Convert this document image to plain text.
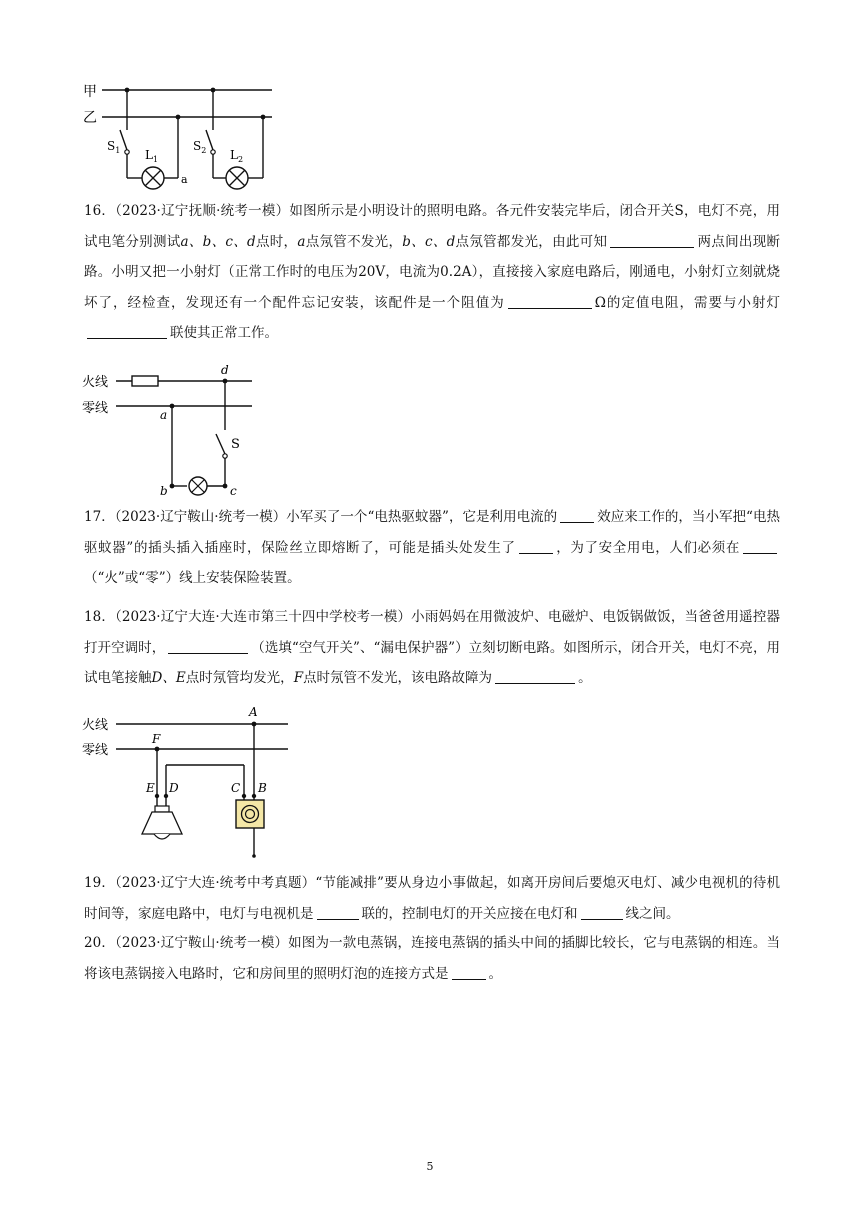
甲
乙
$S_1$ $L_1$
a
$S_2$ $L_2$

16．（2023·辽宁抚顺·统考一模）如图所示是小明设计的照明电路。各元件安装完毕后，闭合开关S，电灯不亮，用试电笔分别测试a、b、c、d点时，a点氖管不发光，b、c、d点氖管都发光，由此可知	两点间出现断路。小明又把一小射灯（正常工作时的电压为20V，电流为0.2A），直接接入家庭电路后，刚通电，小射灯立刻就烧坏了，经检查，发现还有一个配件忘记安装，该配件是一个阻值为	Ω的定值电阻，需要与小射灯联使其正常工作。

火线
零线
d
a
b	c
S

17．（2023·辽宁鞍山·统考一模）小军买了一个“电热驱蚊器”，它是利用电流的	效应来工作的，当小军把“电热驱蚊器”的插头插入插座时，保险丝立即熔断了，可能是插头处发生了	，为了安全用电，人们必须在（“火”或“零”）线上安装保险装置。

18．（2023·辽宁大连·大连市第三十四中学校考一模）小雨妈妈在用微波炉、电磁炉、电饭锅做饭，当爸爸用遥控器打开空调时，	（选填“空气开关”、“漏电保护器”）立刻切断电路。如图所示，闭合开关，电灯不亮，用试电笔接触D、E点时氖管均发光，F点时氖管不发光，该电路故障为	。

火线
零线
A
F
E D	C B

19．（2023·辽宁大连·统考中考真题）“节能减排”要从身边小事做起，如离开房间后要熄灭电灯、减少电视机的待机时间等，家庭电路中，电灯与电视机是	联的，控制电灯的开关应接在电灯和	线之间。

20．（2023·辽宁鞍山·统考一模）如图为一款电蒸锅，连接电蒸锅的插头中间的插脚比较长，它与电蒸锅的相连。当将该电蒸锅接入电路时，它和房间里的照明灯泡的连接方式是	。

5
